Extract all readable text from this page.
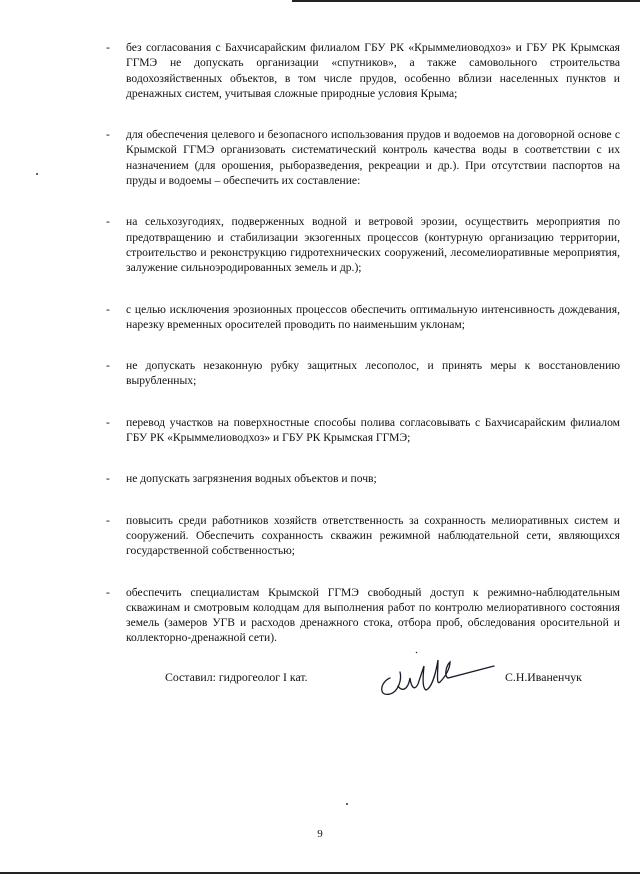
- без согласования с Бахчисарайским филиалом ГБУ РК «Крыммелиоводхоз» и ГБУ РК Крымская ГГМЭ не допускать организации «спутников», а также самовольного строительства водохозяйственных объектов, в том числе прудов, особенно вблизи населенных пунктов и дренажных систем, учитывая сложные природные условия Крыма;
- для обеспечения целевого и безопасного использования прудов и водоемов на договорной основе с Крымской ГГМЭ организовать систематический контроль качества воды в соответствии с их назначением (для орошения, рыборазведения, рекреации и др.). При отсутствии паспортов на пруды и водоемы – обеспечить их составление:
- на сельхозугодиях, подверженных водной и ветровой эрозии, осуществить мероприятия по предотвращению и стабилизации экзогенных процессов (контурную организацию территории, строительство и реконструкцию гидротехнических сооружений, лесомелиоративные мероприятия, залужение сильноэродированных земель и др.);
- с целью исключения эрозионных процессов обеспечить оптимальную интенсивность дождевания, нарезку временных оросителей проводить по наименьшим уклонам;
- не допускать незаконную рубку защитных лесополос, и принять меры к восстановлению вырубленных;
- перевод участков на поверхностные способы полива согласовывать с Бахчисарайским филиалом ГБУ РК «Крыммелиоводхоз» и ГБУ РК Крымская ГГМЭ;
- не допускать загрязнения водных объектов и почв;
- повысить среди работников хозяйств ответственность за сохранность мелиоративных систем и сооружений. Обеспечить сохранность скважин режимной наблюдательной сети, являющихся государственной собственностью;
- обеспечить специалистам Крымской ГГМЭ свободный доступ к режимно-наблюдательным скважинам и смотровым колодцам для выполнения работ по контролю мелиоративного состояния земель (замеров УГВ и расходов дренажного стока, отбора проб, обследования оросительной и коллекторно-дренажной сети).
Составил: гидрогеолог I кат.	С.Н.Иваненчук
9
